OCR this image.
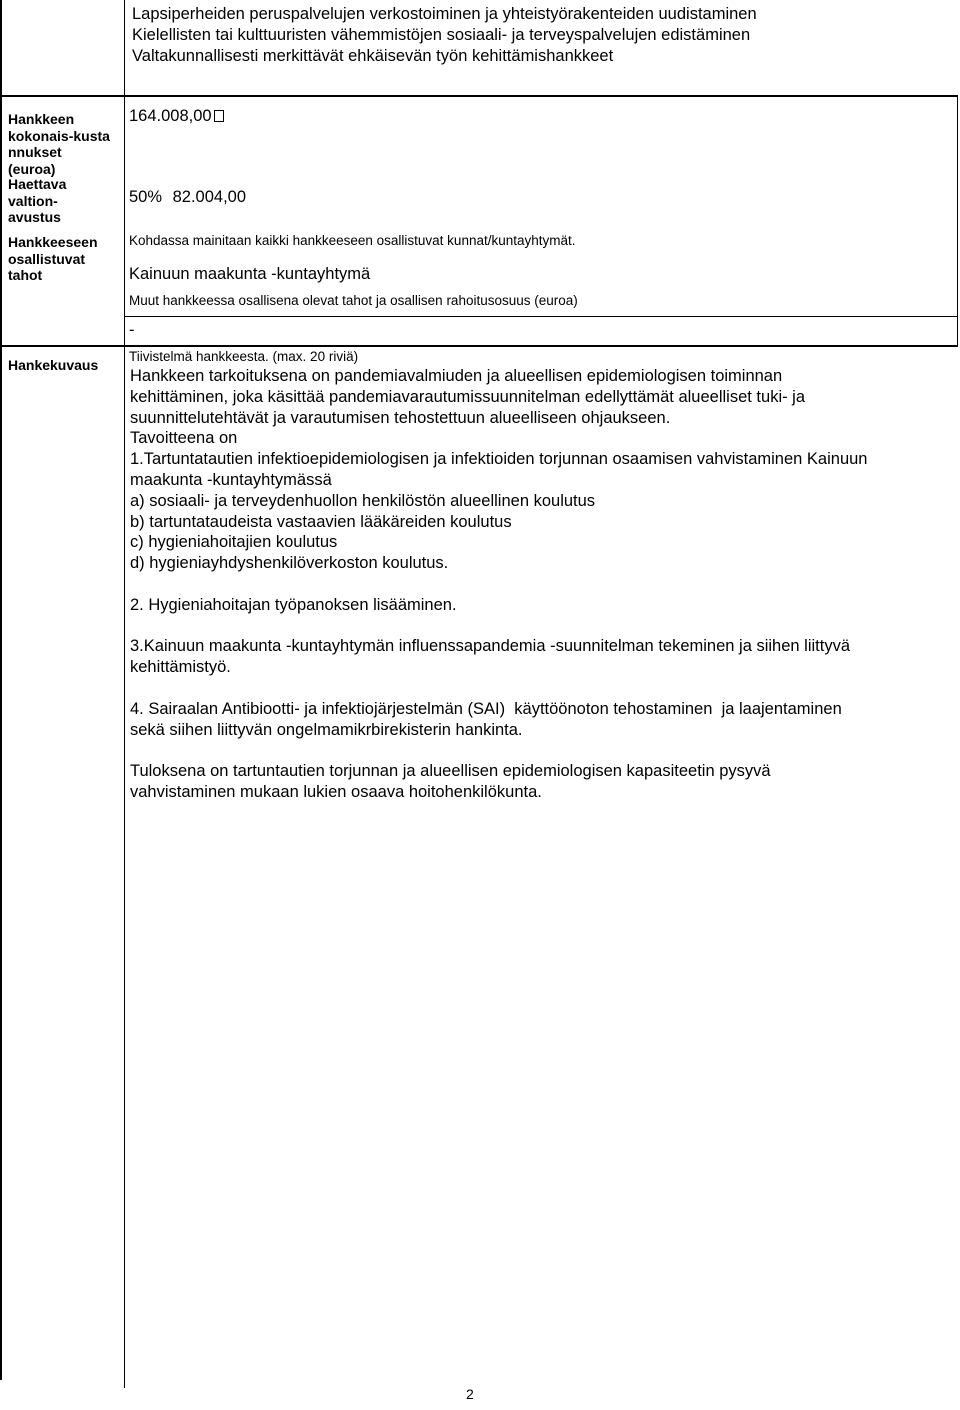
Lapsiperheiden peruspalvelujen verkostoiminen ja yhteistyörakenteiden uudistaminen
Kielellisten tai kulttuuristen vähemmistöjen sosiaali- ja terveyspalvelujen edistäminen
Valtakunnallisesti merkittävät ehkäisevän työn kehittämishankkeet
Hankkeen
kokonais-kusta
nnukset
(euroa)
Haettava
valtion-
avustus
Hankkeeseen
osallistuvat
tahot
Hankekuvaus
164.008,00
50% 82.004,00
Kohdassa mainitaan kaikki hankkeeseen osallistuvat kunnat/kuntayhtymät.
Kainuun maakunta -kuntayhtymä
Muut hankkeessa osallisena olevat tahot ja osallisen rahoitusosuus (euroa)
-
Tiivistelmä hankkeesta. (max. 20 riviä)

Hankkeen tarkoituksena on pandemiavalmiuden ja alueellisen epidemiologisen toiminnan

kehittäminen, joka käsittää pandemiavarautumissuunnitelman edellyttämät alueelliset tuki- ja

suunnittelutehtävät ja varautumisen tehostettuun alueelliseen ohjaukseen.

Tavoitteena on

1.Tartuntatautien infektioepidemiologisen ja infektioiden torjunnan osaamisen vahvistaminen Kainuun

maakunta -kuntayhtymässä

a) sosiaali- ja terveydenhuollon henkilöstön alueellinen koulutus

b) tartuntataudeista vastaavien lääkäreiden koulutus

c) hygieniahoitajien koulutus

d) hygieniayhdyshenkilöverkoston koulutus.

2. Hygieniahoitajan työpanoksen lisääminen.

3.Kainuun maakunta -kuntayhtymän influenssapandemia -suunnitelman tekeminen ja siihen liittyvä

kehittämistyö.

4. Sairaalan Antibiootti- ja infektiojärjestelmän (SAI)  käyttöönoton tehostaminen  ja laajentaminen

sekä siihen liittyvän ongelmamikrbirekisterin hankinta.

Tuloksena on tartuntautien torjunnan ja alueellisen epidemiologisen kapasiteetin pysyvä

vahvistaminen mukaan lukien osaava hoitohenkilökunta.

2
